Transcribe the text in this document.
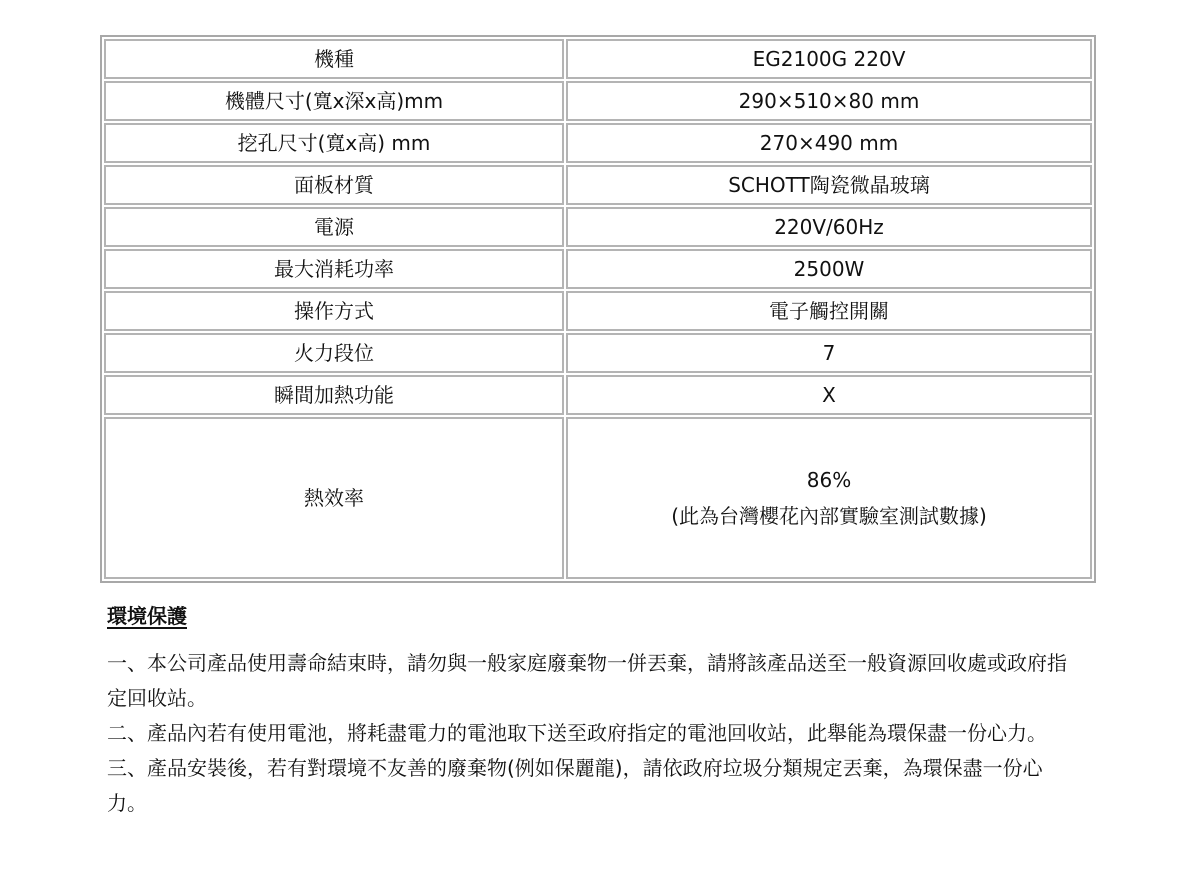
機種	EG2100G 220V
機體尺寸(寬x深x高)mm	290×510×80 mm
挖孔尺寸(寬x高) mm	270×490 mm
面板材質	SCHOTT陶瓷微晶玻璃
電源	220V/60Hz
最大消耗功率	2500W
操作方式	電子觸控開關
火力段位	7
瞬間加熱功能	X
熱效率	86%
(此為台灣櫻花內部實驗室測試數據)
環境保護

一、本公司產品使用壽命結束時，請勿與一般家庭廢棄物一併丟棄，請將該產品送至一般資源回收處或政府指定回收站。

二、產品內若有使用電池，將耗盡電力的電池取下送至政府指定的電池回收站，此舉能為環保盡一份心力。

三、產品安裝後，若有對環境不友善的廢棄物(例如保麗龍)，請依政府垃圾分類規定丟棄，為環保盡一份心力。
